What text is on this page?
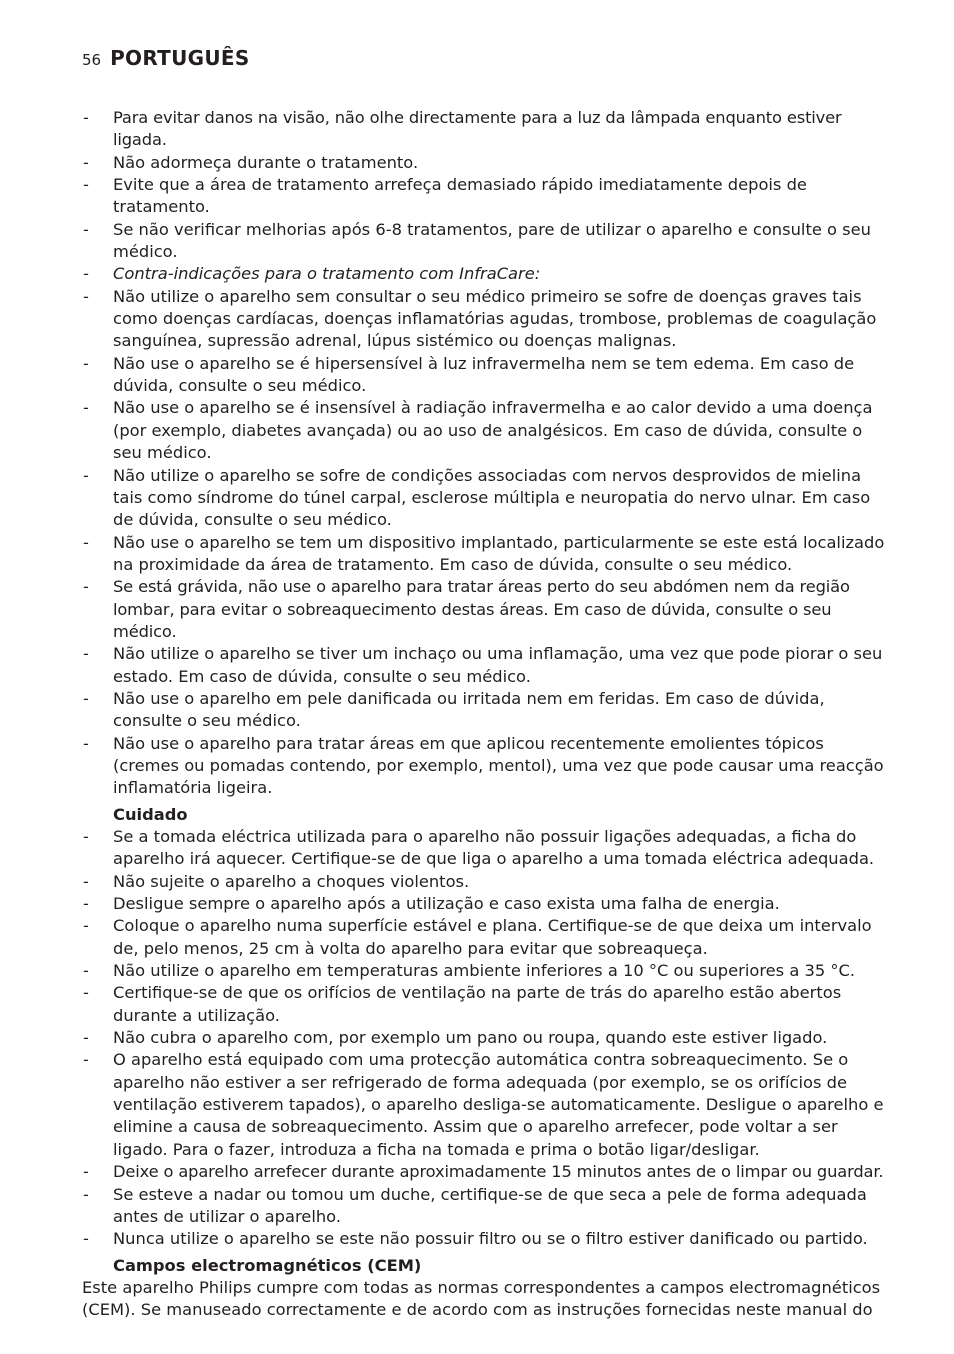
56 PORTUGUÊS
- Para evitar danos na visão, não olhe directamente para a luz da lâmpada enquanto estiver ligada.
- Não adormeça durante o tratamento.
- Evite que a área de tratamento arrefeça demasiado rápido imediatamente depois de tratamento.
- Se não verificar melhorias após 6-8 tratamentos, pare de utilizar o aparelho e consulte o seu médico.
- Contra-indicações para o tratamento com InfraCare:
- Não utilize o aparelho sem consultar o seu médico primeiro se sofre de doenças graves tais como doenças cardíacas, doenças inflamatórias agudas, trombose, problemas de coagulação sanguínea, supressão adrenal, lúpus sistémico ou doenças malignas.
- Não use o aparelho se é hipersensível à luz infravermelha nem se tem edema. Em caso de dúvida, consulte o seu médico.
- Não use o aparelho se é insensível à radiação infravermelha e ao calor devido a uma doença (por exemplo, diabetes avançada) ou ao uso de analgésicos. Em caso de dúvida, consulte o seu médico.
- Não utilize o aparelho se sofre de condições associadas com nervos desprovidos de mielina tais como síndrome do túnel carpal, esclerose múltipla e neuropatia do nervo ulnar. Em caso de dúvida, consulte o seu médico.
- Não use o aparelho se tem um dispositivo implantado, particularmente se este está localizado na proximidade da área de tratamento. Em caso de dúvida, consulte o seu médico.
- Se está grávida, não use o aparelho para tratar áreas perto do seu abdómen nem da região lombar, para evitar o sobreaquecimento destas áreas. Em caso de dúvida, consulte o seu médico.
- Não utilize o aparelho se tiver um inchaço ou uma inflamação, uma vez que pode piorar o seu estado. Em caso de dúvida, consulte o seu médico.
- Não use o aparelho em pele danificada ou irritada nem em feridas. Em caso de dúvida, consulte o seu médico.
- Não use o aparelho para tratar áreas em que aplicou recentemente emolientes tópicos (cremes ou pomadas contendo, por exemplo, mentol), uma vez que pode causar uma reacção inflamatória ligeira.
Cuidado
- Se a tomada eléctrica utilizada para o aparelho não possuir ligações adequadas, a ficha do aparelho irá aquecer. Certifique-se de que liga o aparelho a uma tomada eléctrica adequada.
- Não sujeite o aparelho a choques violentos.
- Desligue sempre o aparelho após a utilização e caso exista uma falha de energia.
- Coloque o aparelho numa superfície estável e plana. Certifique-se de que deixa um intervalo de, pelo menos, 25 cm à volta do aparelho para evitar que sobreaqueça.
- Não utilize o aparelho em temperaturas ambiente inferiores a 10 °C ou superiores a 35 °C.
- Certifique-se de que os orifícios de ventilação na parte de trás do aparelho estão abertos durante a utilização.
- Não cubra o aparelho com, por exemplo um pano ou roupa, quando este estiver ligado.
- O aparelho está equipado com uma protecção automática contra sobreaquecimento. Se o aparelho não estiver a ser refrigerado de forma adequada (por exemplo, se os orifícios de ventilação estiverem tapados), o aparelho desliga-se automaticamente. Desligue o aparelho e elimine a causa de sobreaquecimento. Assim que o aparelho arrefecer, pode voltar a ser ligado. Para o fazer, introduza a ficha na tomada e prima o botão ligar/desligar.
- Deixe o aparelho arrefecer durante aproximadamente 15 minutos antes de o limpar ou guardar.
- Se esteve a nadar ou tomou um duche, certifique-se de que seca a pele de forma adequada antes de utilizar o aparelho.
- Nunca utilize o aparelho se este não possuir filtro ou se o filtro estiver danificado ou partido.
Campos electromagnéticos (CEM)
Este aparelho Philips cumpre com todas as normas correspondentes a campos electromagnéticos (CEM). Se manuseado correctamente e de acordo com as instruções fornecidas neste manual do
